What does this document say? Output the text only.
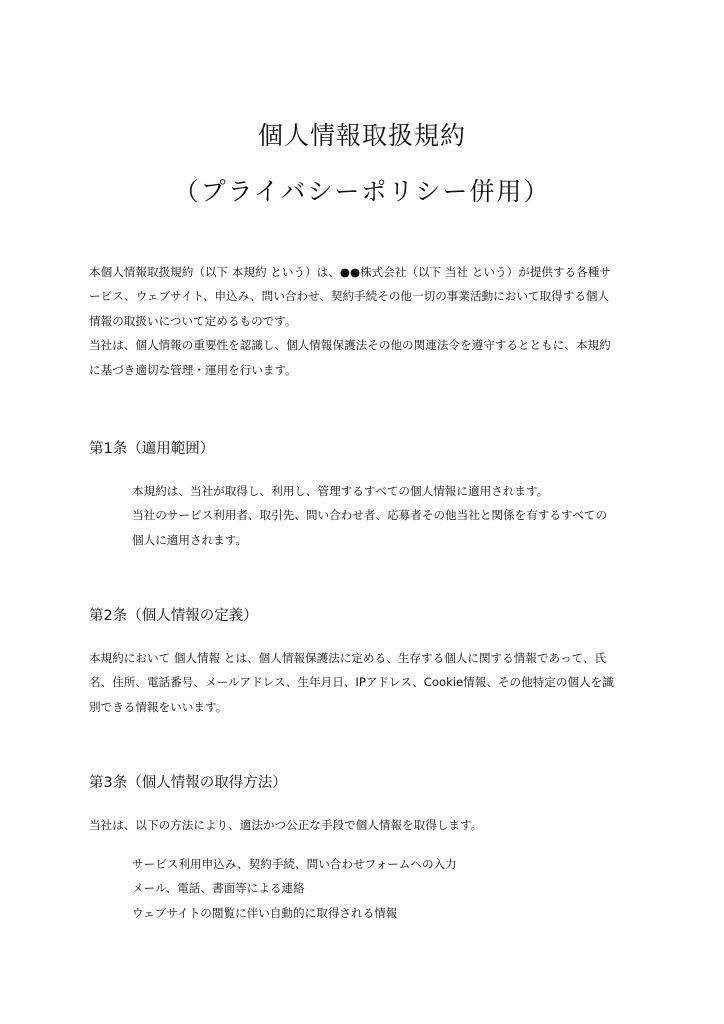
個人情報取扱規約
（プライバシーポリシー併用）
本個人情報取扱規約（以下 本規約 という）は、●●株式会社（以下 当社 という）が提供する各種サ
ービス、ウェブサイト、申込み、問い合わせ、契約手続その他一切の事業活動において取得する個人
情報の取扱いについて定めるものです。
当社は、個人情報の重要性を認識し、個人情報保護法その他の関連法令を遵守するとともに、本規約
に基づき適切な管理・運用を行います。
第1条（適用範囲）
本規約は、当社が取得し、利用し、管理するすべての個人情報に適用されます。
当社のサービス利用者、取引先、問い合わせ者、応募者その他当社と関係を有するすべての
個人に適用されます。
第2条（個人情報の定義）
本規約において 個人情報 とは、個人情報保護法に定める、生存する個人に関する情報であって、氏
名、住所、電話番号、メールアドレス、生年月日、IPアドレス、Cookie情報、その他特定の個人を識
別できる情報をいいます。
第3条（個人情報の取得方法）
当社は、以下の方法により、適法かつ公正な手段で個人情報を取得します。
サービス利用申込み、契約手続、問い合わせフォームへの入力
メール、電話、書面等による連絡
ウェブサイトの閲覧に伴い自動的に取得される情報
